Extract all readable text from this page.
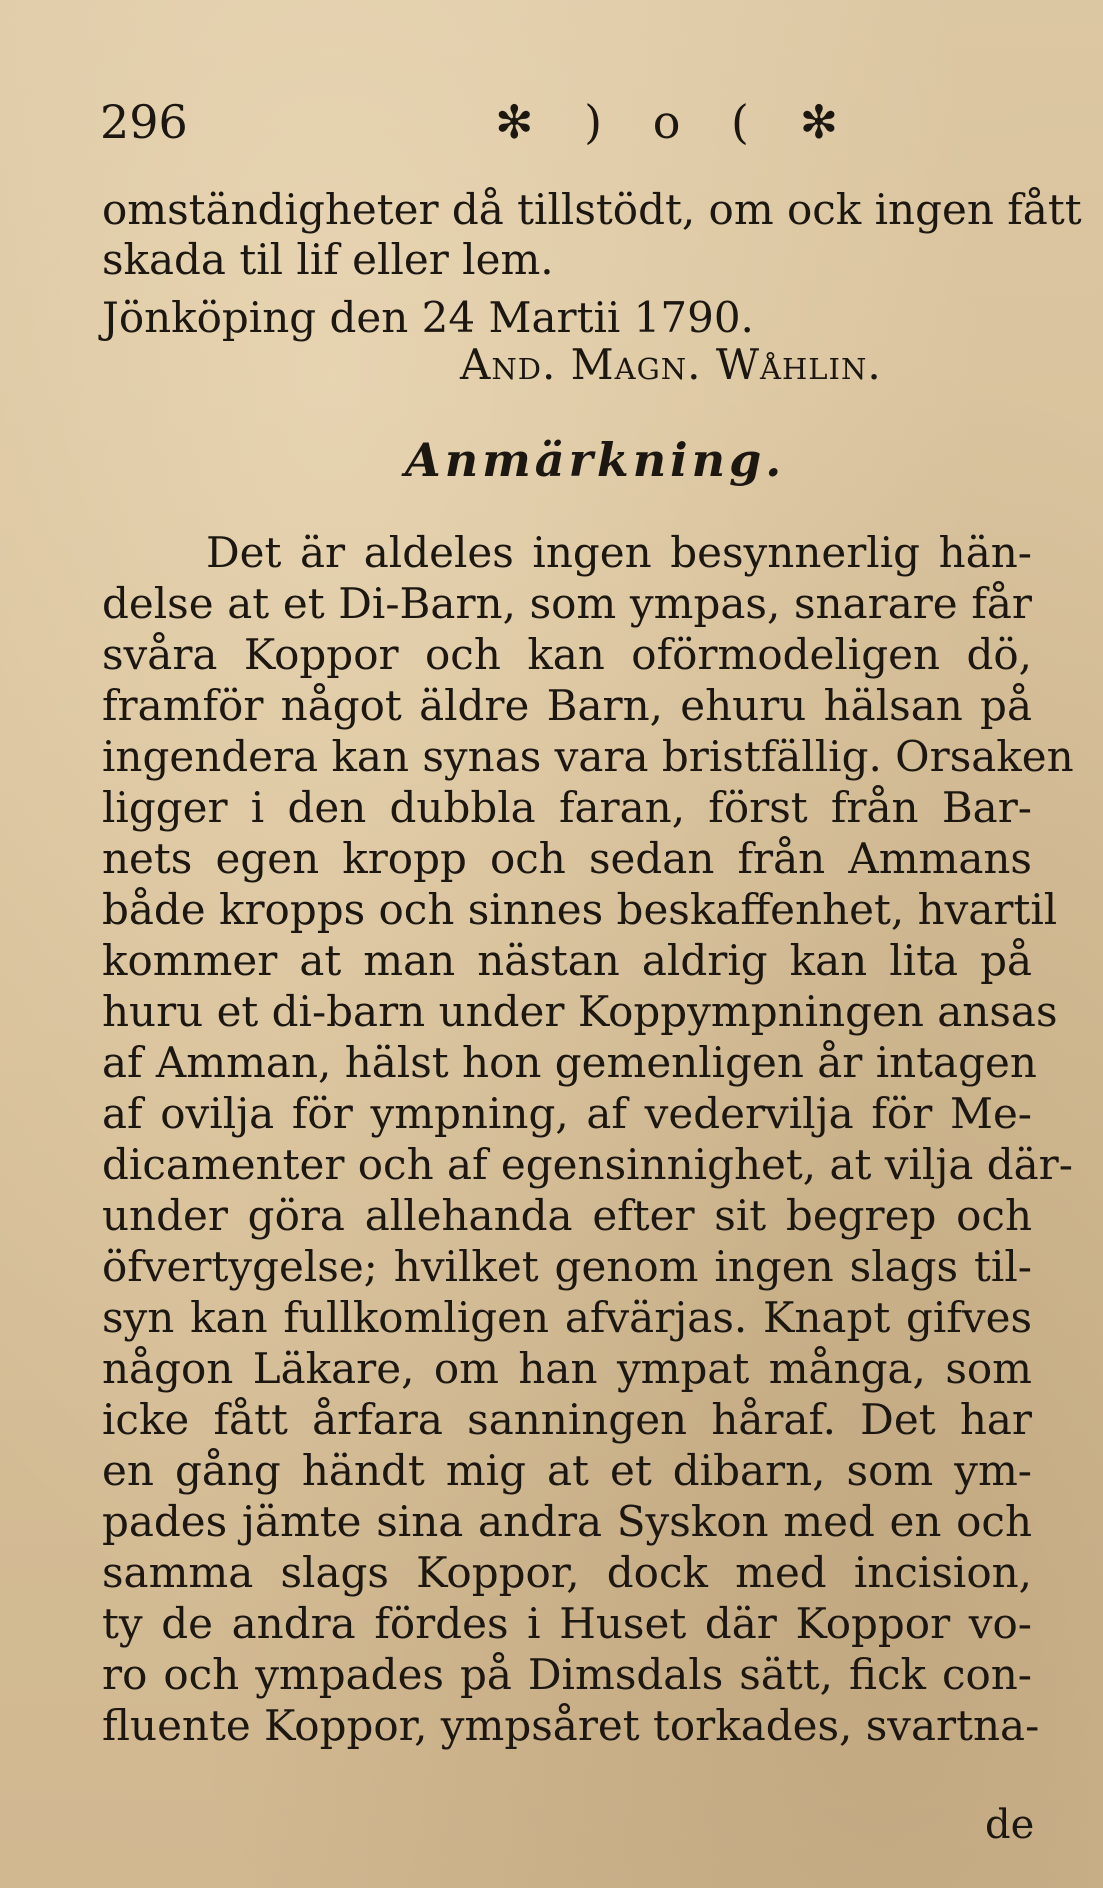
296	✻ ) o ( ✻
omständigheter då tillstödt, om ock ingen fått
skada til lif eller lem.
Jönköping den 24 Martii 1790.
And. Magn. Wåhlin.
Anmärkning.
Det är aldeles ingen besynnerlig hän-
delse at et Di-Barn, som ympas, snarare får
svåra Koppor och kan oförmodeligen dö,
framför något äldre Barn, ehuru hälsan på
ingendera kan synas vara bristfällig. Orsaken
ligger i den dubbla faran, först från Bar-
nets egen kropp och sedan från Ammans
både kropps och sinnes beskaffenhet, hvartil
kommer at man nästan aldrig kan lita på
huru et di-barn under Koppympningen ansas
af Amman, hälst hon gemenligen år intagen
af ovilja för ympning, af vedervilja för Me-
dicamenter och af egensinnighet, at vilja där-
under göra allehanda efter sit begrep och
öfvertygelse; hvilket genom ingen slags til-
syn kan fullkomligen afvärjas. Knapt gifves
någon Läkare, om han ympat många, som
icke fått årfara sanningen håraf. Det har
en gång händt mig at et dibarn, som ym-
pades jämte sina andra Syskon med en och
samma slags Koppor, dock med incision,
ty de andra fördes i Huset där Koppor vo-
ro och ympades på Dimsdals sätt, fick con-
fluente Koppor, ympsåret torkades, svartna-
de
